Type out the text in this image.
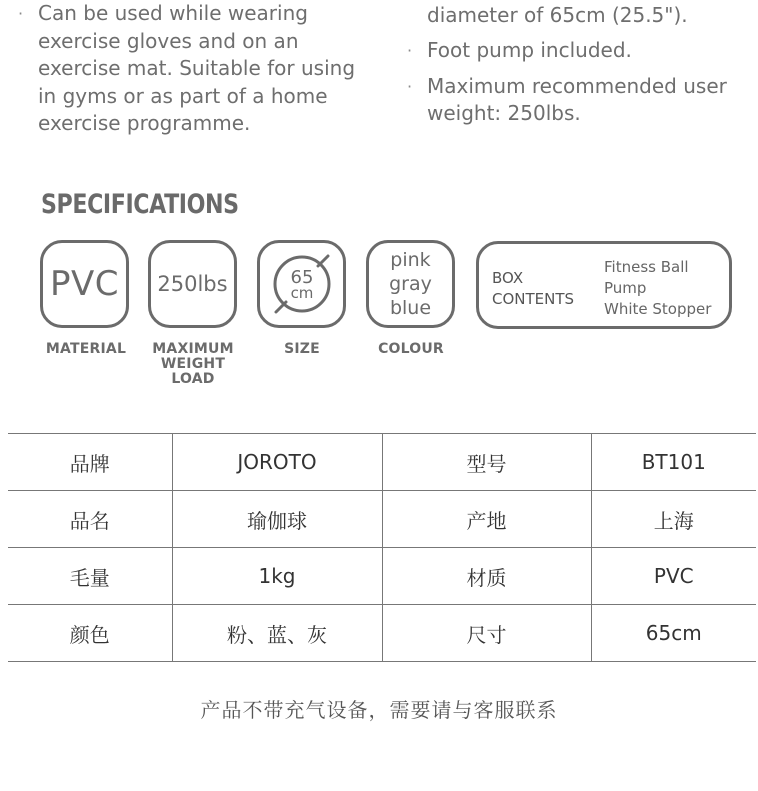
· Can be used while wearing exercise gloves and on an exercise mat. Suitable for using in gyms or as part of a home exercise programme.
diameter of 65cm (25.5").
· Foot pump included.
· Maximum recommended user weight: 250lbs.
SPECIFICATIONS
PVC 250lbs	65
cm
pink
gray
blue
BOX
CONTENTS
Fitness Ball
Pump
White Stopper
MATERIAL	MAXIMUM
WEIGHT
LOAD
SIZE	COLOUR
品牌	JOROTO	型号	BT101
品名	瑜伽球	产地	上海
毛量	1kg	材质	PVC
颜色	粉、蓝、灰	尺寸	65cm
产品不带充气设备，需要请与客服联系
